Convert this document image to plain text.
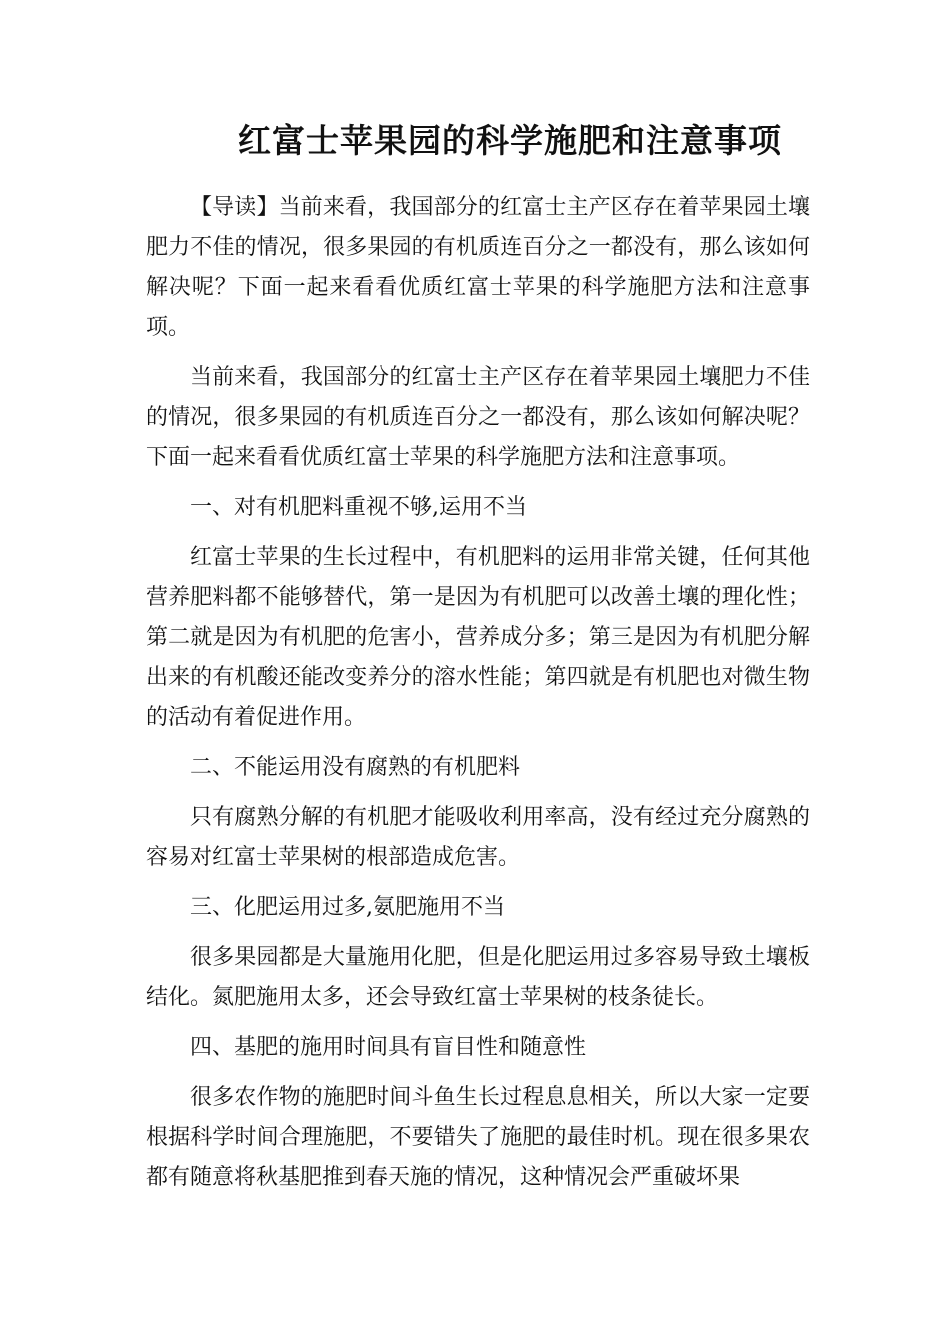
红富士苹果园的科学施肥和注意事项

【导读】当前来看，我国部分的红富士主产区存在着苹果园土壤肥力不佳的情况，很多果园的有机质连百分之一都没有，那么该如何解决呢？下面一起来看看优质红富士苹果的科学施肥方法和注意事项。

当前来看，我国部分的红富士主产区存在着苹果园土壤肥力不佳的情况，很多果园的有机质连百分之一都没有，那么该如何解决呢？下面一起来看看优质红富士苹果的科学施肥方法和注意事项。

一、对有机肥料重视不够,运用不当

红富士苹果的生长过程中，有机肥料的运用非常关键，任何其他营养肥料都不能够替代，第一是因为有机肥可以改善土壤的理化性；第二就是因为有机肥的危害小，营养成分多；第三是因为有机肥分解出来的有机酸还能改变养分的溶水性能；第四就是有机肥也对微生物的活动有着促进作用。

二、不能运用没有腐熟的有机肥料

只有腐熟分解的有机肥才能吸收利用率高，没有经过充分腐熟的容易对红富士苹果树的根部造成危害。

三、化肥运用过多,氨肥施用不当

很多果园都是大量施用化肥，但是化肥运用过多容易导致土壤板结化。氮肥施用太多，还会导致红富士苹果树的枝条徒长。

四、基肥的施用时间具有盲目性和随意性

很多农作物的施肥时间斗鱼生长过程息息相关，所以大家一定要根据科学时间合理施肥，不要错失了施肥的最佳时机。现在很多果农都有随意将秋基肥推到春天施的情况，这种情况会严重破坏果
